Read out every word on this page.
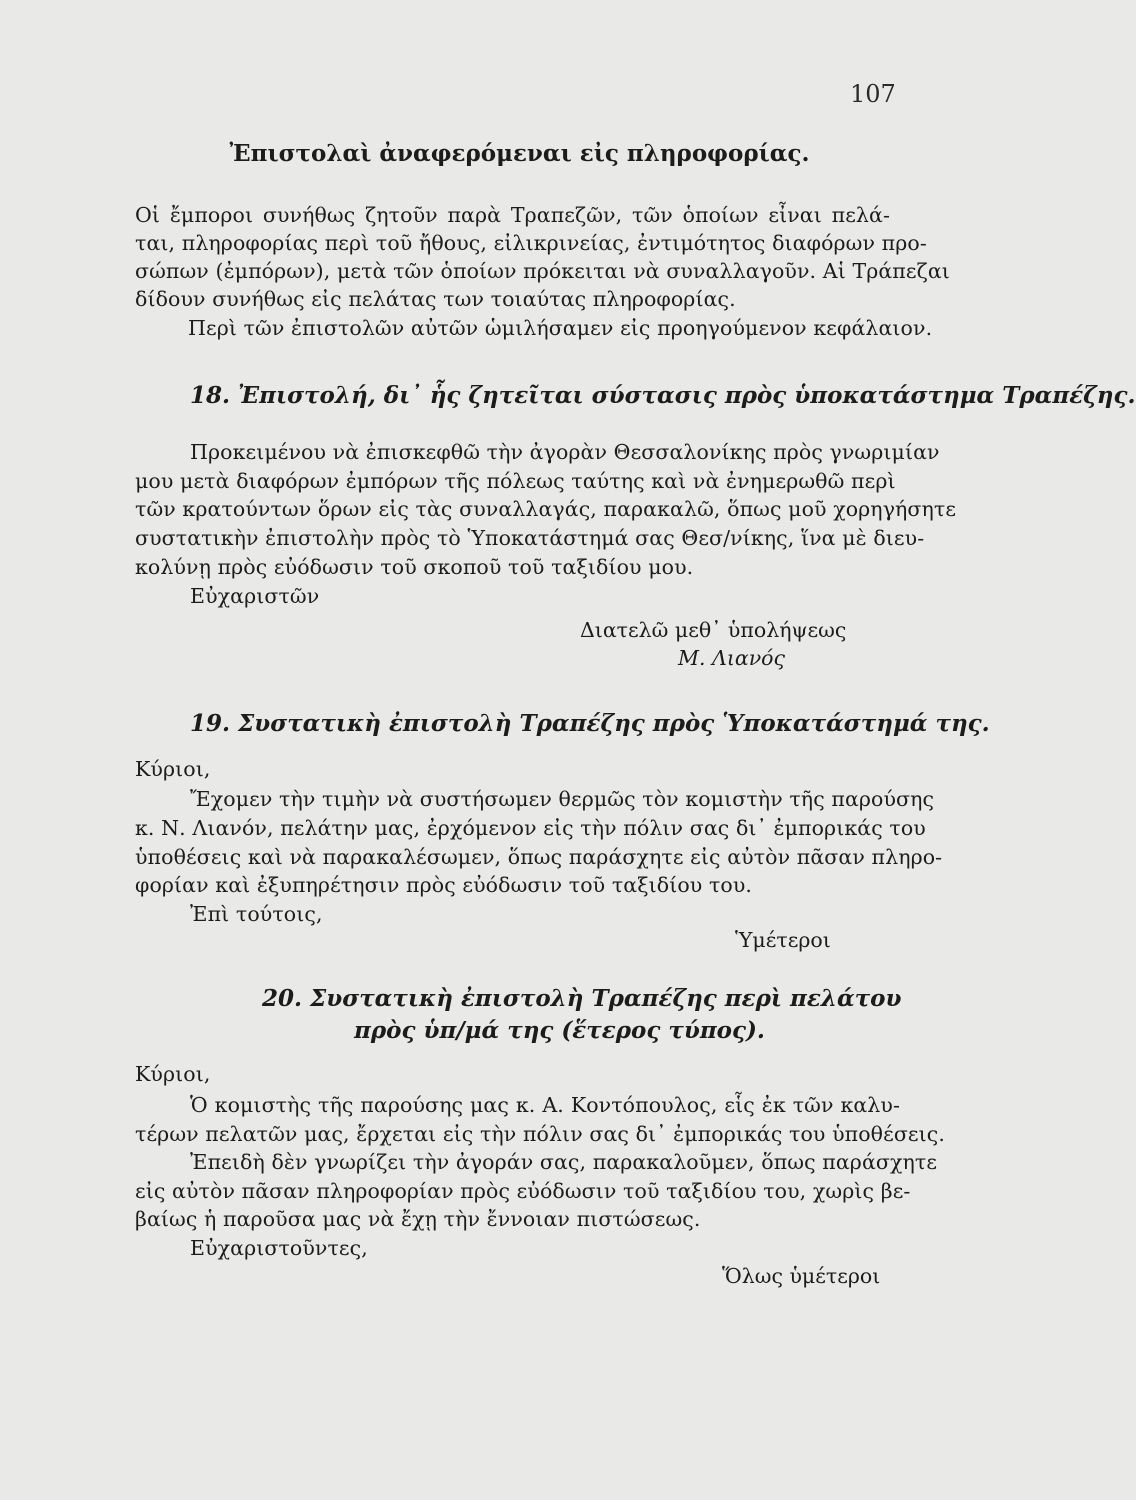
107
Ἐπιστολαὶ ἀναφερόμεναι εἰς πληροφορίας.
Οἱ ἔμποροι συνήθως ζητοῦν παρὰ Τραπεζῶν, τῶν ὁποίων εἶναι πελά-
ται, πληροφορίας περὶ τοῦ ἤθους, εἰλικρινείας, ἐντιμότητος διαφόρων προ-
σώπων (ἐμπόρων), μετὰ τῶν ὁποίων πρόκειται νὰ συναλλαγοῦν. Αἱ Τράπεζαι
δίδουν συνήθως εἰς πελάτας των τοιαύτας πληροφορίας.
Περὶ τῶν ἐπιστολῶν αὐτῶν ὡμιλήσαμεν εἰς προηγούμενον κεφάλαιον.
18. Ἐπιστολή, δι᾿ ἧς ζητεῖται σύστασις πρὸς ὑποκατάστημα Τραπέζης.
Προκειμένου νὰ ἐπισκεφθῶ τὴν ἀγορὰν Θεσσαλονίκης πρὸς γνωριμίαν
μου μετὰ διαφόρων ἐμπόρων τῆς πόλεως ταύτης καὶ νὰ ἐνημερωθῶ περὶ
τῶν κρατούντων ὅρων εἰς τὰς συναλλαγάς, παρακαλῶ, ὅπως μοῦ χορηγήσητε
συστατικὴν ἐπιστολὴν πρὸς τὸ Ὑποκατάστημά σας Θεσ/νίκης, ἵνα μὲ διευ-
κολύνῃ πρὸς εὐόδωσιν τοῦ σκοποῦ τοῦ ταξιδίου μου.
Εὐχαριστῶν
Διατελῶ μεθ᾿ ὑπολήψεως
Μ. Λιανός
19. Συστατικὴ ἐπιστολὴ Τραπέζης πρὸς Ὑποκατάστημά της.
Κύριοι,
Ἔχομεν τὴν τιμὴν νὰ συστήσωμεν θερμῶς τὸν κομιστὴν τῆς παρούσης
κ. Ν. Λιανόν, πελάτην μας, ἐρχόμενον εἰς τὴν πόλιν σας δι᾿ ἐμπορικάς του
ὑποθέσεις καὶ νὰ παρακαλέσωμεν, ὅπως παράσχητε εἰς αὐτὸν πᾶσαν πληρο-
φορίαν καὶ ἐξυπηρέτησιν πρὸς εὐόδωσιν τοῦ ταξιδίου του.
Ἐπὶ τούτοις,
Ὑμέτεροι
20. Συστατικὴ ἐπιστολὴ Τραπέζης περὶ πελάτου
πρὸς ὑπ/μά της (ἕτερος τύπος).
Κύριοι,
Ὁ κομιστὴς τῆς παρούσης μας κ. Α. Κοντόπουλος, εἷς ἐκ τῶν καλυ-
τέρων πελατῶν μας, ἔρχεται εἰς τὴν πόλιν σας δι᾿ ἐμπορικάς του ὑποθέσεις.
Ἐπειδὴ δὲν γνωρίζει τὴν ἀγοράν σας, παρακαλοῦμεν, ὅπως παράσχητε
εἰς αὐτὸν πᾶσαν πληροφορίαν πρὸς εὐόδωσιν τοῦ ταξιδίου του, χωρὶς βε-
βαίως ἡ παροῦσα μας νὰ ἔχῃ τὴν ἔννοιαν πιστώσεως.
Εὐχαριστοῦντες,
Ὅλως ὑμέτεροι
